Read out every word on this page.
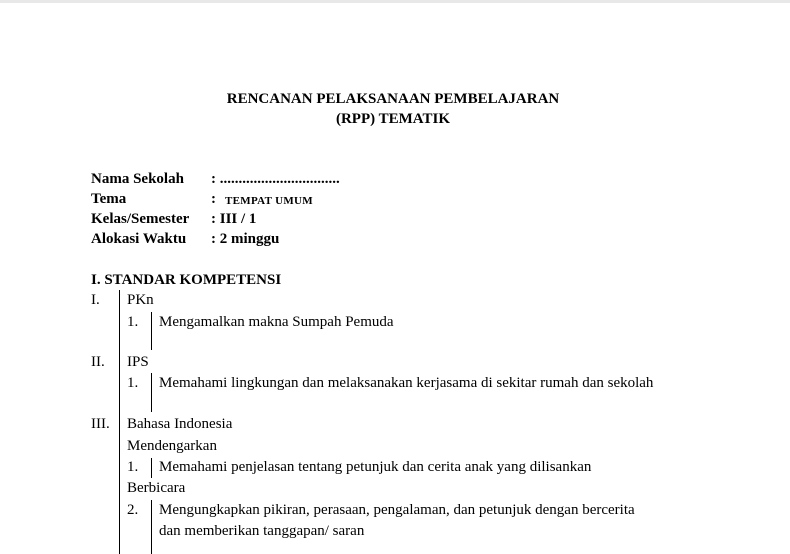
RENCANAN PELAKSANAAN PEMBELAJARAN
(RPP) TEMATIK
Nama Sekolah : ................................
Tema	: TEMPAT UMUM
Kelas/Semester : III / 1
Alokasi Waktu : 2 minggu
I. STANDAR KOMPETENSI
I. PKn
1. Mengamalkan makna Sumpah Pemuda
II. IPS
1. Memahami lingkungan dan melaksanakan kerjasama di sekitar rumah dan sekolah
III. Bahasa Indonesia
Mendengarkan
1. Memahami penjelasan tentang petunjuk dan cerita anak yang dilisankan
Berbicara
2. Mengungkapkan pikiran, perasaan, pengalaman, dan petunjuk dengan bercerita
dan memberikan tanggapan/ saran
